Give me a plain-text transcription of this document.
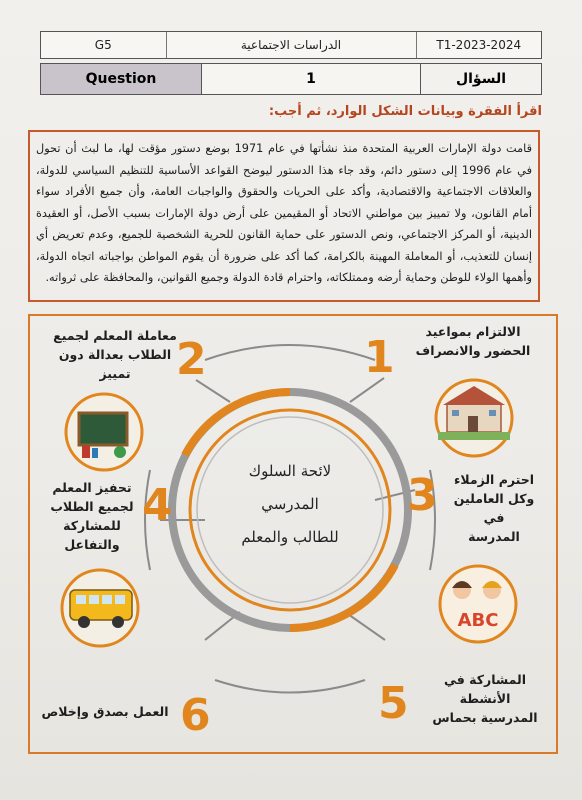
G5	الدراسات الاجتماعية	T1-2023-2024
Question	1	السؤال
اقرأ الفقرة وبيانات الشكل الوارد، ثم أجب:
قامت دولة الإمارات العربية المتحدة منذ نشأتها في عام 1971 بوضع دستور مؤقت لها، ما لبث أن تحول في عام 1996 إلى دستور دائم، وقد جاء هذا الدستور ليوضح القواعد الأساسية للتنظيم السياسي للدولة، والعلاقات الاجتماعية والاقتصادية، وأكد على الحريات والحقوق والواجبات العامة، وأن جميع الأفراد سواء أمام القانون، ولا تمييز بين مواطني الاتحاد أو المقيمين على أرض دولة الإمارات بسبب الأصل، أو العقيدة الدينية، أو المركز الاجتماعي، ونص الدستور على حماية القانون للحرية الشخصية للجميع، وعدم تعريض أي إنسان للتعذيب، أو المعاملة المهينة بالكرامة، كما أكد على ضرورة أن يقوم المواطن بواجباته اتجاه الدولة، وأهمها الولاء للوطن وحماية أرضه وممتلكاته، واحترام قادة الدولة وجميع القوانين، والمحافظة على ثرواته.
ABC
1
2
3
4
5
6
الالتزام بمواعيد
الحضور والانصراف
معاملة المعلم لجميع
الطلاب بعدالة دون
تمييز
احترم الزملاء
وكل العاملين في
المدرسة
تحفيز المعلم
لجميع الطلاب
للمشاركة
والتفاعل
المشاركة في الأنشطة
المدرسية بحماس
العمل بصدق وإخلاص
لائحة السلوك
المدرسي
للطالب والمعلم
